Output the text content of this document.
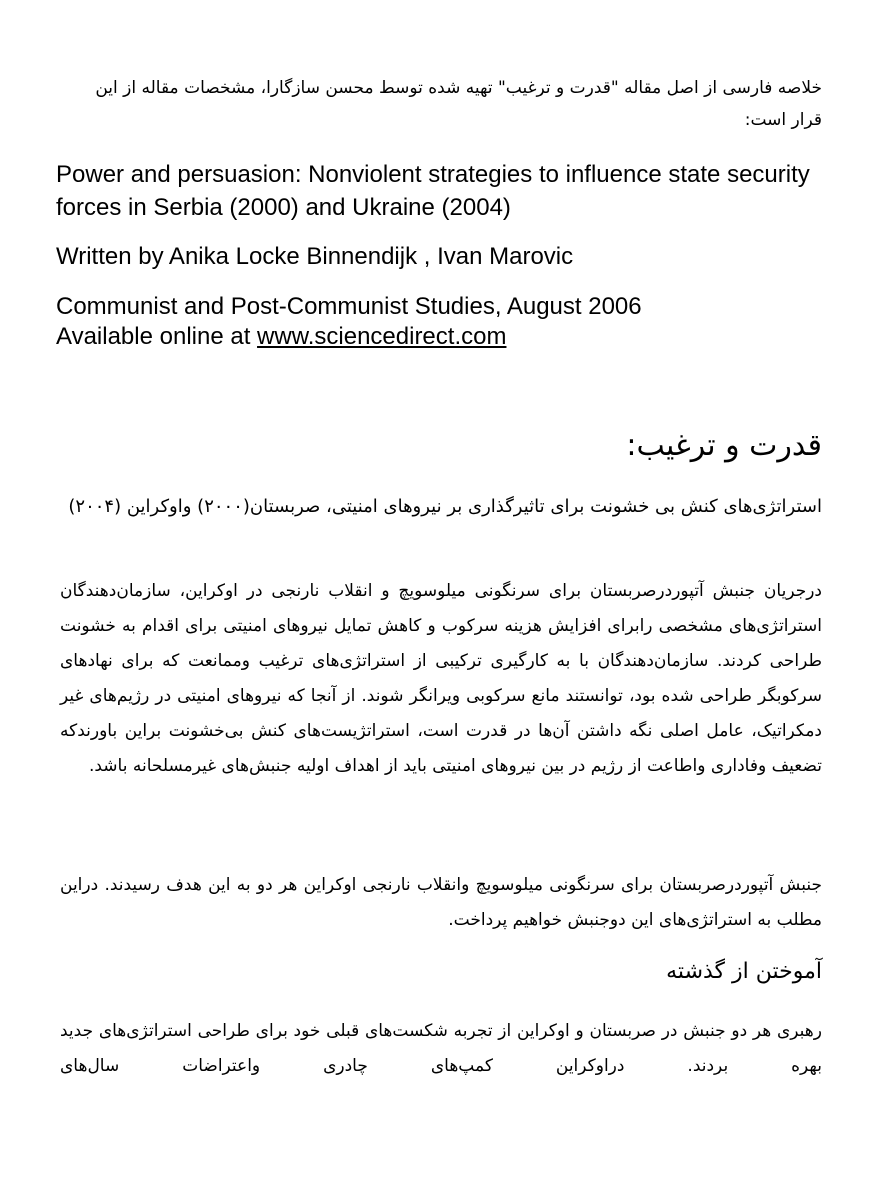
خلاصه فارسی از اصل مقاله "قدرت و ترغیب" تهیه شده توسط محسن سازگارا، مشخصات مقاله از این قرار است:

Power and persuasion: Nonviolent strategies to influence state security forces in Serbia (2000) and Ukraine (2004)

Written by Anika Locke Binnendijk , Ivan Marovic

Communist and Post-Communist Studies, August 2006
Available online at www.sciencedirect.com
قدرت و ترغیب:

استراتژی‌های کنش بی خشونت برای تاثیرگذاری بر نیروهای امنیتی، صربستان(۲۰۰۰) واوکراین (۲۰۰۴)

درجریان جنبش آتپوردرصربستان برای سرنگونی میلوسویچ و انقلاب نارنجی در اوکراین، سازمان‌دهندگان استراتژی‌های مشخصی رابرای افزایش هزینه سرکوب و کاهش تمایل نیروهای امنیتی برای اقدام به خشونت طراحی کردند. سازمان‌دهندگان با به کارگیری ترکیبی از استراتژی‌های ترغیب وممانعت که برای نهادهای سرکوبگر طراحی شده بود، توانستند مانع سرکوبی ویرانگر شوند. از آنجا که نیروهای امنیتی در رژیم‌های غیر دمکراتیک، عامل اصلی نگه داشتن آن‌ها در قدرت است، استراتژیست‌های کنش بی‌خشونت براین باورندکه تضعیف وفاداری واطاعت از رژیم در بین نیروهای امنیتی باید از اهداف اولیه جنبش‌های غیرمسلحانه باشد.

جنبش آتپوردرصربستان برای سرنگونی میلوسویچ وانقلاب نارنجی اوکراین هر دو به این هدف رسیدند. دراین مطلب به استراتژی‌های این دوجنبش خواهیم پرداخت.

آموختن از گذشته

رهبری هر دو جنبش در صربستان و اوکراین از تجربه شکست‌های قبلی خود برای طراحی استراتژی‌های جدید بهره بردند. دراوکراین کمپ‌های چادری واعتراضات سال‌های
